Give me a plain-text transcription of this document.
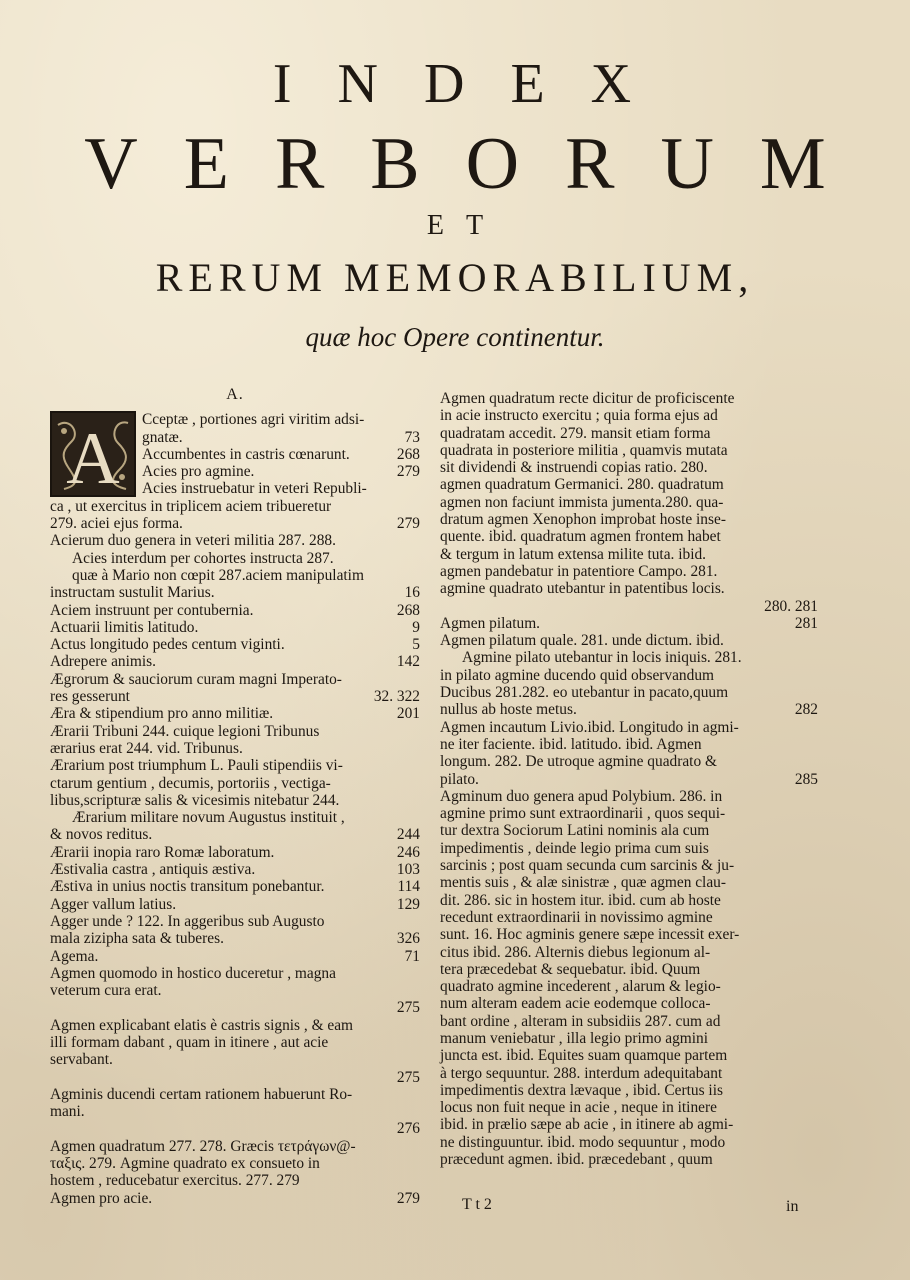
INDEX
VERBORUM
ET
RERUM MEMORABILIUM,
quæ hoc Opere continentur.
A.
A	Cceptæ , portiones agri viritim adsi-
73
gnatæ.
268
Accumbentes in castris cœnarunt.
279
Acies pro agmine.
Acies instruebatur in veteri Republi-
ca , ut exercitus in triplicem aciem tribueretur
279
279. aciei ejus forma.
Acierum duo genera in veteri militia 287. 288.
Acies interdum per cohortes instructa 287.
quæ à Mario non cœpit 287.aciem manipulatim
16
instructam sustulit Marius.
268
Aciem instruunt per contubernia.
9
Actuarii limitis latitudo.
5
Actus longitudo pedes centum viginti.
142
Adrepere animis.
Ægrorum & sauciorum curam magni Imperato-
32. 322
res gesserunt
201
Æra & stipendium pro anno militiæ.
Ærarii Tribuni 244. cuique legioni Tribunus
ærarius erat 244. vid. Tribunus.
Ærarium post triumphum L. Pauli stipendiis vi-
ctarum gentium , decumis, portoriis , vectiga-
libus,scripturæ salis & vicesimis nitebatur 244.
Ærarium militare novum Augustus instituit ,
244
& novos reditus.
246
Ærarii inopia raro Romæ laboratum.
103
Æstivalia castra , antiquis æstiva.
114
Æstiva in unius noctis transitum ponebantur.
129
Agger vallum latius.
Agger unde ? 122. In aggeribus sub Augusto
326
mala zizipha sata & tuberes.
71
Agema.
Agmen quomodo in hostico duceretur , magna
veterum cura erat.
275
Agmen explicabant elatis è castris signis , & eam
illi formam dabant , quam in itinere , aut acie
servabant.
275
Agminis ducendi certam rationem habuerunt Ro-
mani.
276
Agmen quadratum 277. 278. Græcis τετράγων@-
ταξις. 279. Agmine quadrato ex consueto in
hostem , reducebatur exercitus. 277. 279
279
Agmen pro acie.
Agmen quadratum recte dicitur de proficiscente
in acie instructo exercitu ; quia forma ejus ad
quadratam accedit. 279. mansit etiam forma
quadrata in posteriore militia , quamvis mutata
sit dividendi & instruendi copias ratio. 280.
agmen quadratum Germanici. 280. quadratum
agmen non faciunt immista jumenta.280. qua-
dratum agmen Xenophon improbat hoste inse-
quente. ibid. quadratum agmen frontem habet
& tergum in latum extensa milite tuta. ibid.
agmen pandebatur in patentiore Campo. 281.
agmine quadrato utebantur in patentibus locis.
280. 281
281
Agmen pilatum.
Agmen pilatum quale. 281. unde dictum. ibid.
Agmine pilato utebantur in locis iniquis. 281.
in pilato agmine ducendo quid observandum
Ducibus 281.282. eo utebantur in pacato,quum
282
nullus ab hoste metus.
Agmen incautum Livio.ibid. Longitudo in agmi-
ne iter faciente. ibid. latitudo. ibid. Agmen
longum. 282. De utroque agmine quadrato &
285
pilato.
Agminum duo genera apud Polybium. 286. in
agmine primo sunt extraordinarii , quos sequi-
tur dextra Sociorum Latini nominis ala cum
impedimentis , deinde legio prima cum suis
sarcinis ; post quam secunda cum sarcinis & ju-
mentis suis , & alæ sinistræ , quæ agmen clau-
dit. 286. sic in hostem itur. ibid. cum ab hoste
recedunt extraordinarii in novissimo agmine
sunt. 16. Hoc agminis genere sæpe incessit exer-
citus ibid. 286. Alternis diebus legionum al-
tera præcedebat & sequebatur. ibid. Quum
quadrato agmine incederent , alarum & legio-
num alteram eadem acie eodemque colloca-
bant ordine , alteram in subsidiis 287. cum ad
manum veniebatur , illa legio primo agmini
juncta est. ibid. Equites suam quamque partem
à tergo sequuntur. 288. interdum adequitabant
impedimentis dextra lævaque , ibid. Certus iis
locus non fuit neque in acie , neque in itinere
ibid. in prælio sæpe ab acie , in itinere ab agmi-
ne distinguuntur. ibid. modo sequuntur , modo
præcedunt agmen. ibid. præcedebant , quum
T t 2	in
